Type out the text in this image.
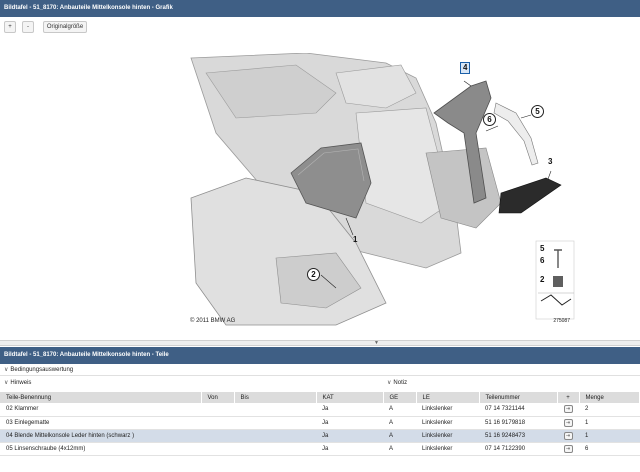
Bildtafel - 51_8170: Anbauteile Mittelkonsole hinten - Grafik
+	-	Originalgröße
1
2
3
4
5
6
5
6
2
© 2011 BMW AG	275087
▼
Bildtafel - 51_8170: Anbauteile Mittelkonsole hinten - Teile
∨ Bedingungsauswertung
∨ Hinweis	∨ Notiz
Teile-Benennung	Von	Bis	KAT	GE	LE	Teilenummer	+	Menge
02 Klammer			Ja	A	Linkslenker	07 14 7321144	⇥	2
03 Einlegematte			Ja	A	Linkslenker	51 16 9179818	⇥	1
04 Blende Mittelkonsole Leder hinten (schwarz )			Ja	A	Linkslenker	51 16 9248473	⇥	1
05 Linsenschraube (4x12mm)			Ja	A	Linkslenker	07 14 7122390	⇥	6
